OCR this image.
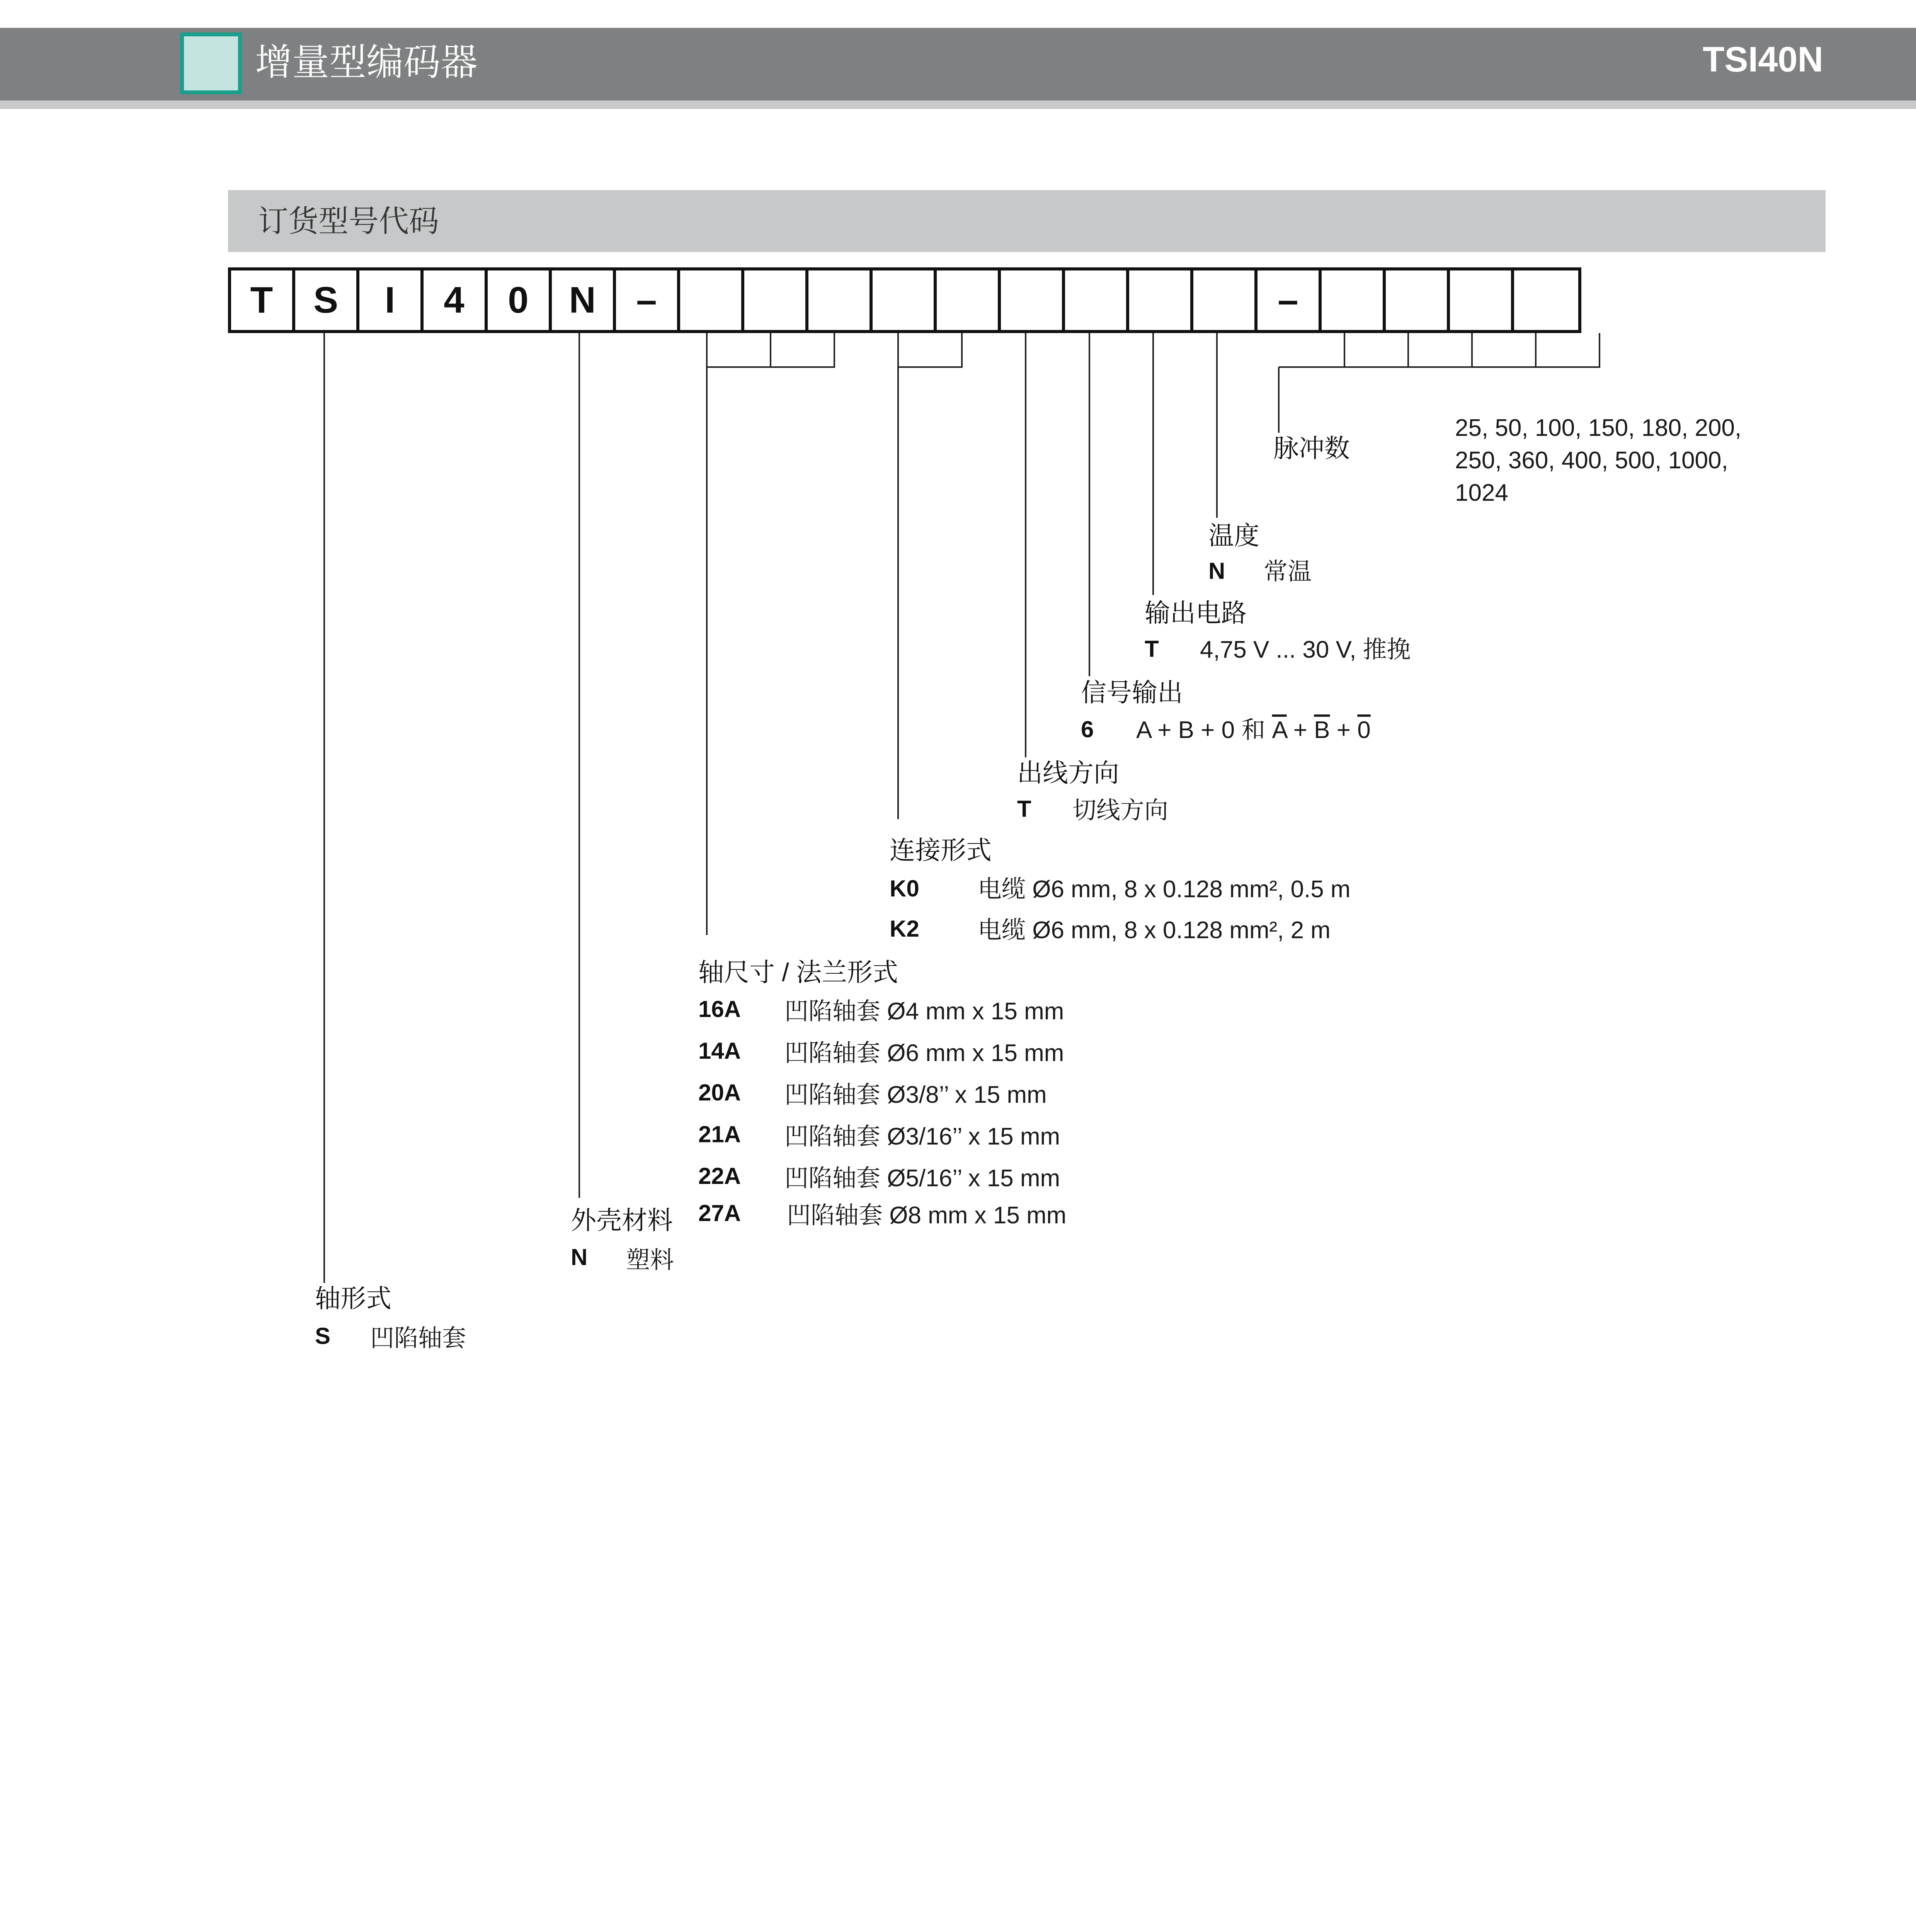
增量型编码器	TSI40N
订货型号代码
T	S	I	4	0	N	–	–
脉冲数
25, 50, 100, 150, 180, 200,
250, 360, 400, 500, 1000,
1024
温度
N 常温
输出电路
T 4,75 V ... 30 V, 推挽
信号输出
6 A + B + 0 和 $\overline{A} + \overline{B} + 0$
出线方向
T 切线方向
连接形式
K0 电缆 Ø6 mm, 8 x 0.128 mm², 0.5 m
K2 电缆 Ø6 mm, 8 x 0.128 mm², 2 m
轴尺寸 / 法兰形式
16A 凹陷轴套 Ø4 mm x 15 mm
14A 凹陷轴套 Ø6 mm x 15 mm
20A 凹陷轴套 Ø3/8’’ x 15 mm
21A 凹陷轴套 Ø3/16’’ x 15 mm
22A 凹陷轴套 Ø5/16’’ x 15 mm
27A 凹陷轴套 Ø8 mm x 15 mm
外壳材料
N 塑料
轴形式
S 凹陷轴套
